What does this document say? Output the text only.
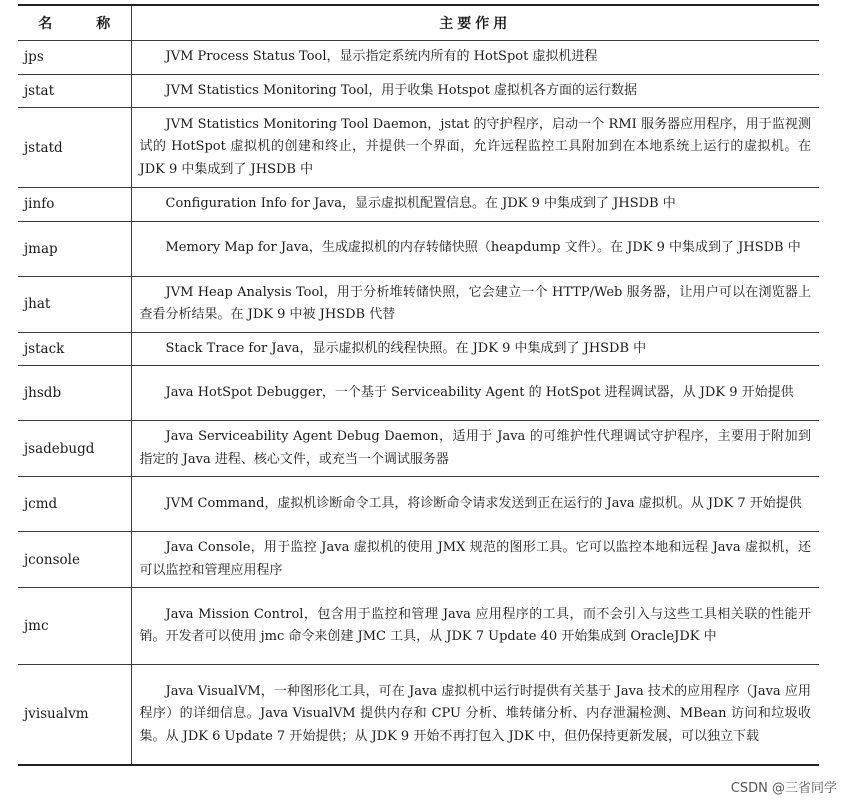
名 称	主要作用
jps	JVM Process Status Tool，显示指定系统内所有的 HotSpot 虚拟机进程
jstat	JVM Statistics Monitoring Tool，用于收集 Hotspot 虚拟机各方面的运行数据
jstatd	JVM Statistics Monitoring Tool Daemon，jstat 的守护程序，启动一个 RMI 服务器应用程序，用于监视测试的 HotSpot 虚拟机的创建和终止，并提供一个界面，允许远程监控工具附加到在本地系统上运行的虚拟机。在 JDK 9 中集成到了 JHSDB 中
jinfo	Configuration Info for Java，显示虚拟机配置信息。在 JDK 9 中集成到了 JHSDB 中
jmap	Memory Map for Java，生成虚拟机的内存转储快照（heapdump 文件）。在 JDK 9 中集成到了 JHSDB 中
jhat	JVM Heap Analysis Tool，用于分析堆转储快照，它会建立一个 HTTP/Web 服务器，让用户可以在浏览器上查看分析结果。在 JDK 9 中被 JHSDB 代替
jstack	Stack Trace for Java，显示虚拟机的线程快照。在 JDK 9 中集成到了 JHSDB 中
jhsdb	Java HotSpot Debugger，一个基于 Serviceability Agent 的 HotSpot 进程调试器，从 JDK 9 开始提供
jsadebugd	Java Serviceability Agent Debug Daemon，适用于 Java 的可维护性代理调试守护程序，主要用于附加到指定的 Java 进程、核心文件，或充当一个调试服务器
jcmd	JVM Command，虚拟机诊断命令工具，将诊断命令请求发送到正在运行的 Java 虚拟机。从 JDK 7 开始提供
jconsole	Java Console，用于监控 Java 虚拟机的使用 JMX 规范的图形工具。它可以监控本地和远程 Java 虚拟机，还可以监控和管理应用程序
jmc	Java Mission Control，包含用于监控和管理 Java 应用程序的工具，而不会引入与这些工具相关联的性能开销。开发者可以使用 jmc 命令来创建 JMC 工具，从 JDK 7 Update 40 开始集成到 OracleJDK 中
jvisualvm	Java VisualVM，一种图形化工具，可在 Java 虚拟机中运行时提供有关基于 Java 技术的应用程序（Java 应用程序）的详细信息。Java VisualVM 提供内存和 CPU 分析、堆转储分析、内存泄漏检测、MBean 访问和垃圾收集。从 JDK 6 Update 7 开始提供；从 JDK 9 开始不再打包入 JDK 中，但仍保持更新发展，可以独立下载
CSDN @三省同学
